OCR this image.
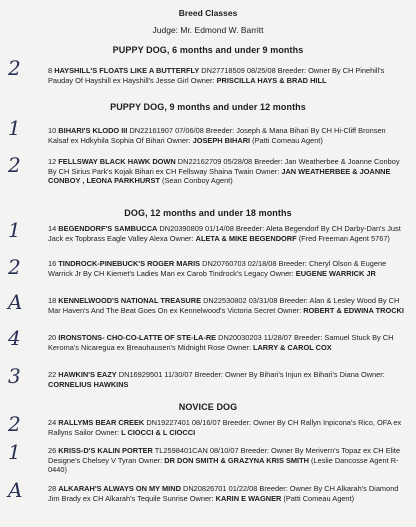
Breed Classes
Judge: Mr. Edmond W. Barritt
PUPPY DOG, 6 months and under 9 months
2	8 HAYSHILL'S FLOATS LIKE A BUTTERFLY DN27718509 08/25/08 Breeder: Owner By CH Pinehill's Pauday Of Hayshill ex Hayshill's Jesse Girl Owner: PRISCILLA HAYS & BRAD HILL
PUPPY DOG, 9 months and under 12 months
1	10 BIHARI'S KLODO III DN22161907 07/06/08 Breeder: Joseph & Mana Bihari By CH Hi-Cliff Bronsen Kalsaf ex Hdkyhila Sophia Of Bihari Owner: JOSEPH BIHARI (Patti Comeau Agent)
2	12 FELLSWAY BLACK HAWK DOWN DN22162709 05/28/08 Breeder: Jan Weatherbee & Joanne Conboy By CH Sirius Park's Kojak Bihari ex CH Fellsway Shaina Twain Owner: JAN WEATHERBEE & JOANNE CONBOY , LEONA PARKHURST (Sean Conboy Agent)
DOG, 12 months and under 18 months
1	14 BEGENDORF'S SAMBUCCA DN20390809 01/14/08 Breeder: Aleta Begendorf By CH Darby-Dan's Just Jack ex Topbrass Eagle Valley Alexa Owner: ALETA & MIKE BEGENDORF (Fred Freeman Agent 5767)
2	16 TINDROCK-PINEBUCK'S ROGER MARIS DN20760703 02/18/08 Breeder: Cheryl Olson & Eugene Warrick Jr By CH Kiemet's Ladies Man ex Carob Tindrock's Legacy Owner: EUGENE WARRICK JR
A	18 KENNELWOOD'S NATIONAL TREASURE DN22530802 03/31/08 Breeder: Alan & Lesley Wood By CH Mar Haven's And The Beat Goes On ex Kennelwood's Victoria Secret Owner: ROBERT & EDWINA TROCKI
4	20 IRONSTONS- CHO-CO-LATTE OF STE-LA-RE DN20030203 11/28/07 Breeder: Samuel Stuck By CH Keroma's Nicaregua ex Breauhausen's Midnight Rose Owner: LARRY & CAROL COX
3	22 HAWKIN'S EAZY DN16929501 11/30/07 Breeder: Owner By Bihari's Injun ex Bihari's Diana Owner: CORNELIUS HAWKINS
NOVICE DOG
2	24 RALLYMS BEAR CREEK DN19227401 08/16/07 Breeder: Owner By CH Rallyn Inpicona's Rico, OFA ex Rallyns Sailor Owner: L CIOCCI & L CIOCCI
1	26 KRISS-D'S KALIN PORTER TL2598401CAN 08/10/07 Breeder: Owner By Merivern's Topaz ex CH Elite Designe's Chelsey V Tyran Owner: DR DON SMITH & GRAZYNA KRIS SMITH (Leslie Dancosse Agent R-0440)
A	28 ALKARAH'S ALWAYS ON MY MIND DN20826701 01/22/08 Breeder: Owner By CH Alkarah's Diamond Jim Brady ex CH Alkarah's Tequile Sunrise Owner: KARIN E WAGNER (Patti Comeau Agent)
